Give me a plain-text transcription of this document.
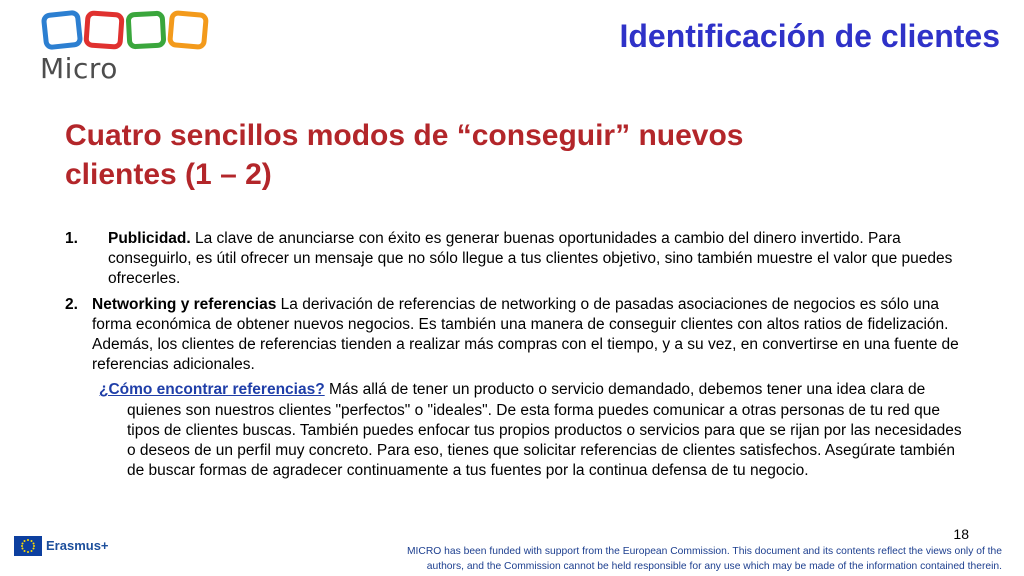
Micro
Identificación de clientes
Cuatro sencillos modos de “conseguir” nuevos
clientes (1 – 2)
1. Publicidad. La clave de anunciarse con éxito es generar buenas oportunidades a cambio del dinero invertido. Para conseguirlo, es útil ofrecer un mensaje que no sólo llegue a tus clientes objetivo, sino también muestre el valor que puedes ofrecerles.
2. Networking y referencias La derivación de referencias de networking o de pasadas asociaciones de negocios es sólo una forma económica de obtener nuevos negocios. Es también una manera de conseguir clientes con altos ratios de fidelización. Además, los clientes de referencias tienden a realizar más compras con el tiempo, y a su vez, en convertirse en una fuente de referencias adicionales.
¿Cómo encontrar referencias? Más allá de tener un producto o servicio demandado, debemos tener una idea clara de quienes son nuestros clientes "perfectos" o "ideales". De esta forma puedes comunicar a otras personas de tu red que tipos de clientes buscas. También puedes enfocar tus propios productos o servicios para que se rijan por las necesidades o deseos de un perfil muy concreto. Para eso, tienes que solicitar referencias de clientes satisfechos. Asegúrate también de buscar formas de agradecer continuamente a tus fuentes por la continua defensa de tu negocio.
Erasmus+
18
MICRO has been funded with support from the European Commission. This document and its contents reflect the views only of the
authors, and the Commission cannot be held responsible for any use which may be made of the information contained therein.
